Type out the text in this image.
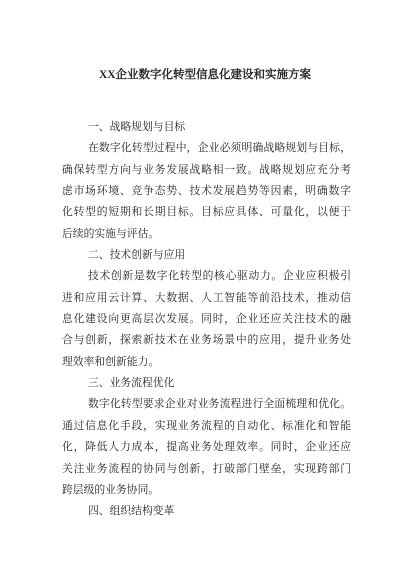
XX企业数字化转型信息化建设和实施方案
一、战略规划与目标
在数字化转型过程中，企业必须明确战略规划与目标，
确保转型方向与业务发展战略相一致。战略规划应充分考
虑市场环境、竞争态势、技术发展趋势等因素，明确数字
化转型的短期和长期目标。目标应具体、可量化，以便于
后续的实施与评估。
二、技术创新与应用
技术创新是数字化转型的核心驱动力。企业应积极引
进和应用云计算、大数据、人工智能等前沿技术，推动信
息化建设向更高层次发展。同时，企业还应关注技术的融
合与创新，探索新技术在业务场景中的应用，提升业务处
理效率和创新能力。
三、业务流程优化
数字化转型要求企业对业务流程进行全面梳理和优化。
通过信息化手段，实现业务流程的自动化、标准化和智能
化，降低人力成本，提高业务处理效率。同时，企业还应
关注业务流程的协同与创新，打破部门壁垒，实现跨部门
跨层级的业务协同。
四、组织结构变革
